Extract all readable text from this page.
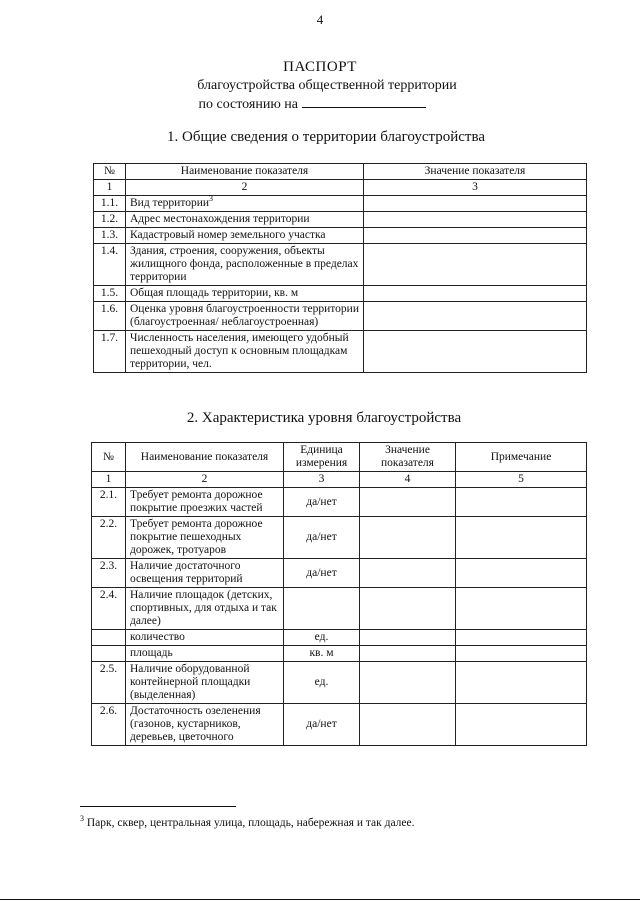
4
ПАСПОРТ
благоустройства общественной территории
по состоянию на
1. Общие сведения о территории благоустройства
№	Наименование показателя	Значение показателя
1	2	3
1.1.	Вид территории$^3$	
1.2.	Адрес местонахождения территории	
1.3.	Кадастровый номер земельного участка	
1.4.	Здания, строения, сооружения, объекты жилищного фонда, расположенные в пределах территории	
1.5.	Общая площадь территории, кв. м	
1.6.	Оценка уровня благоустроенности территории (благоустроенная/ неблагоустроенная)	
1.7.	Численность населения, имеющего удобный пешеходный доступ к основным площадкам территории, чел.	
2. Характеристика уровня благоустройства
№	Наименование показателя	Единица измерения	Значение показателя	Примечание
1	2	3	4	5
2.1.	Требует ремонта дорожное покрытие проезжих частей	да/нет		
2.2.	Требует ремонта дорожное покрытие пешеходных дорожек, тротуаров	да/нет		
2.3.	Наличие достаточного освещения территорий	да/нет		
2.4.	Наличие площадок (детских, спортивных, для отдыха и так далее)			
	количество	ед.		
	площадь	кв. м		
2.5.	Наличие оборудованной контейнерной площадки (выделенная)	ед.		
2.6.	Достаточность озеленения (газонов, кустарников, деревьев, цветочного	да/нет		
$^3$ Парк, сквер, центральная улица, площадь, набережная и так далее.
